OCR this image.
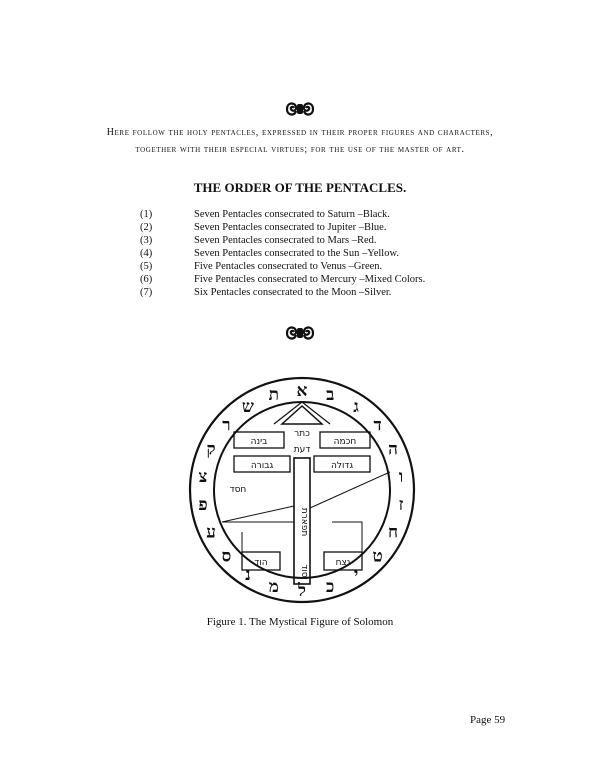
Here follow the holy pentacles, expressed in their proper figures and characters, together with their especial virtues; for the use of the master of art.
THE ORDER OF THE PENTACLES.
(1)	Seven Pentacles consecrated to Saturn –Black.
(2)	Seven Pentacles consecrated to Jupiter –Blue.
(3)	Seven Pentacles consecrated to Mars –Red.
(4)	Seven Pentacles consecrated to the Sun –Yellow.
(5)	Five Pentacles consecrated to Venus –Green.
(6)	Five Pentacles consecrated to Mercury –Mixed Colors.
(7)	Six Pentacles consecrated to the Moon –Silver.
כתר
חכמה
בינה
דעת
גדולה
גבורה
חסד
תפארת
הוד	נצח
יסוד
א ב
ג
ד
ה
ו
ז
ח
ט
י
כ
ל
מ
נ
ס
ע
פ
צ
ק
ר
ש
ת
Figure 1. The Mystical Figure of Solomon
Page 59
